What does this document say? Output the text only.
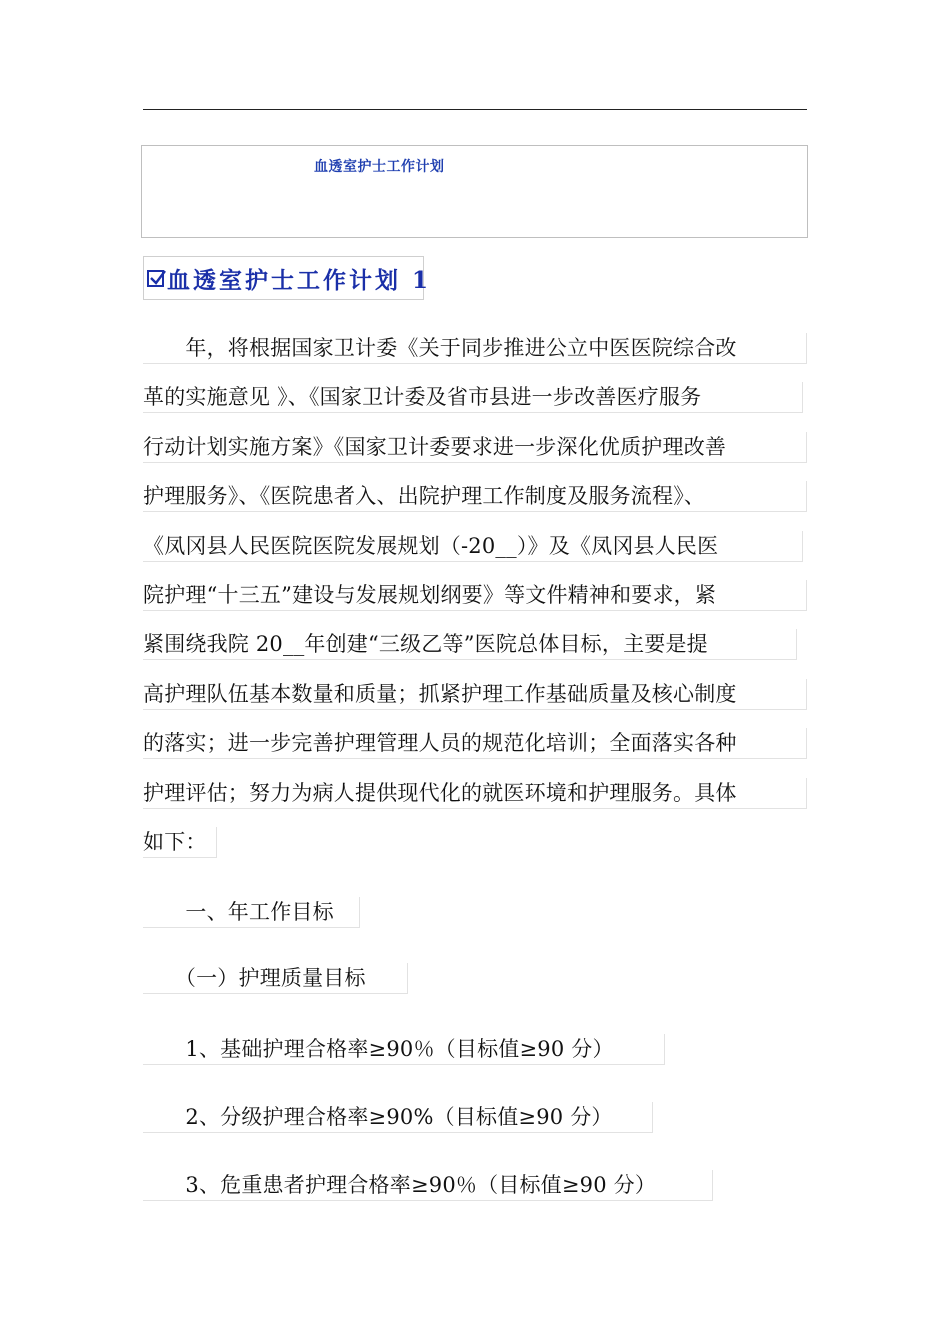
血透室护士工作计划
血透室护士工作计划 1
　　年，将根据国家卫计委《关于同步推进公立中医医院综合改
革的实施意见 》、《国家卫计委及省市县进一步改善医疗服务
行动计划实施方案》《国家卫计委要求进一步深化优质护理改善
护理服务》、《医院患者入、出院护理工作制度及服务流程》、
《凤冈县人民医院医院发展规划（-20__）》及《凤冈县人民医
院护理“十三五”建设与发展规划纲要》等文件精神和要求，紧
紧围绕我院 20__年创建“三级乙等”医院总体目标，主要是提
高护理队伍基本数量和质量；抓紧护理工作基础质量及核心制度
的落实；进一步完善护理管理人员的规范化培训；全面落实各种
护理评估；努力为病人提供现代化的就医环境和护理服务。具体
如下：
　　一、年工作目标
　　（一）护理质量目标
　　1、基础护理合格率≥90％（目标值≥90 分）
　　2、分级护理合格率≥90%（目标值≥90 分）
　　3、危重患者护理合格率≥90％（目标值≥90 分）
